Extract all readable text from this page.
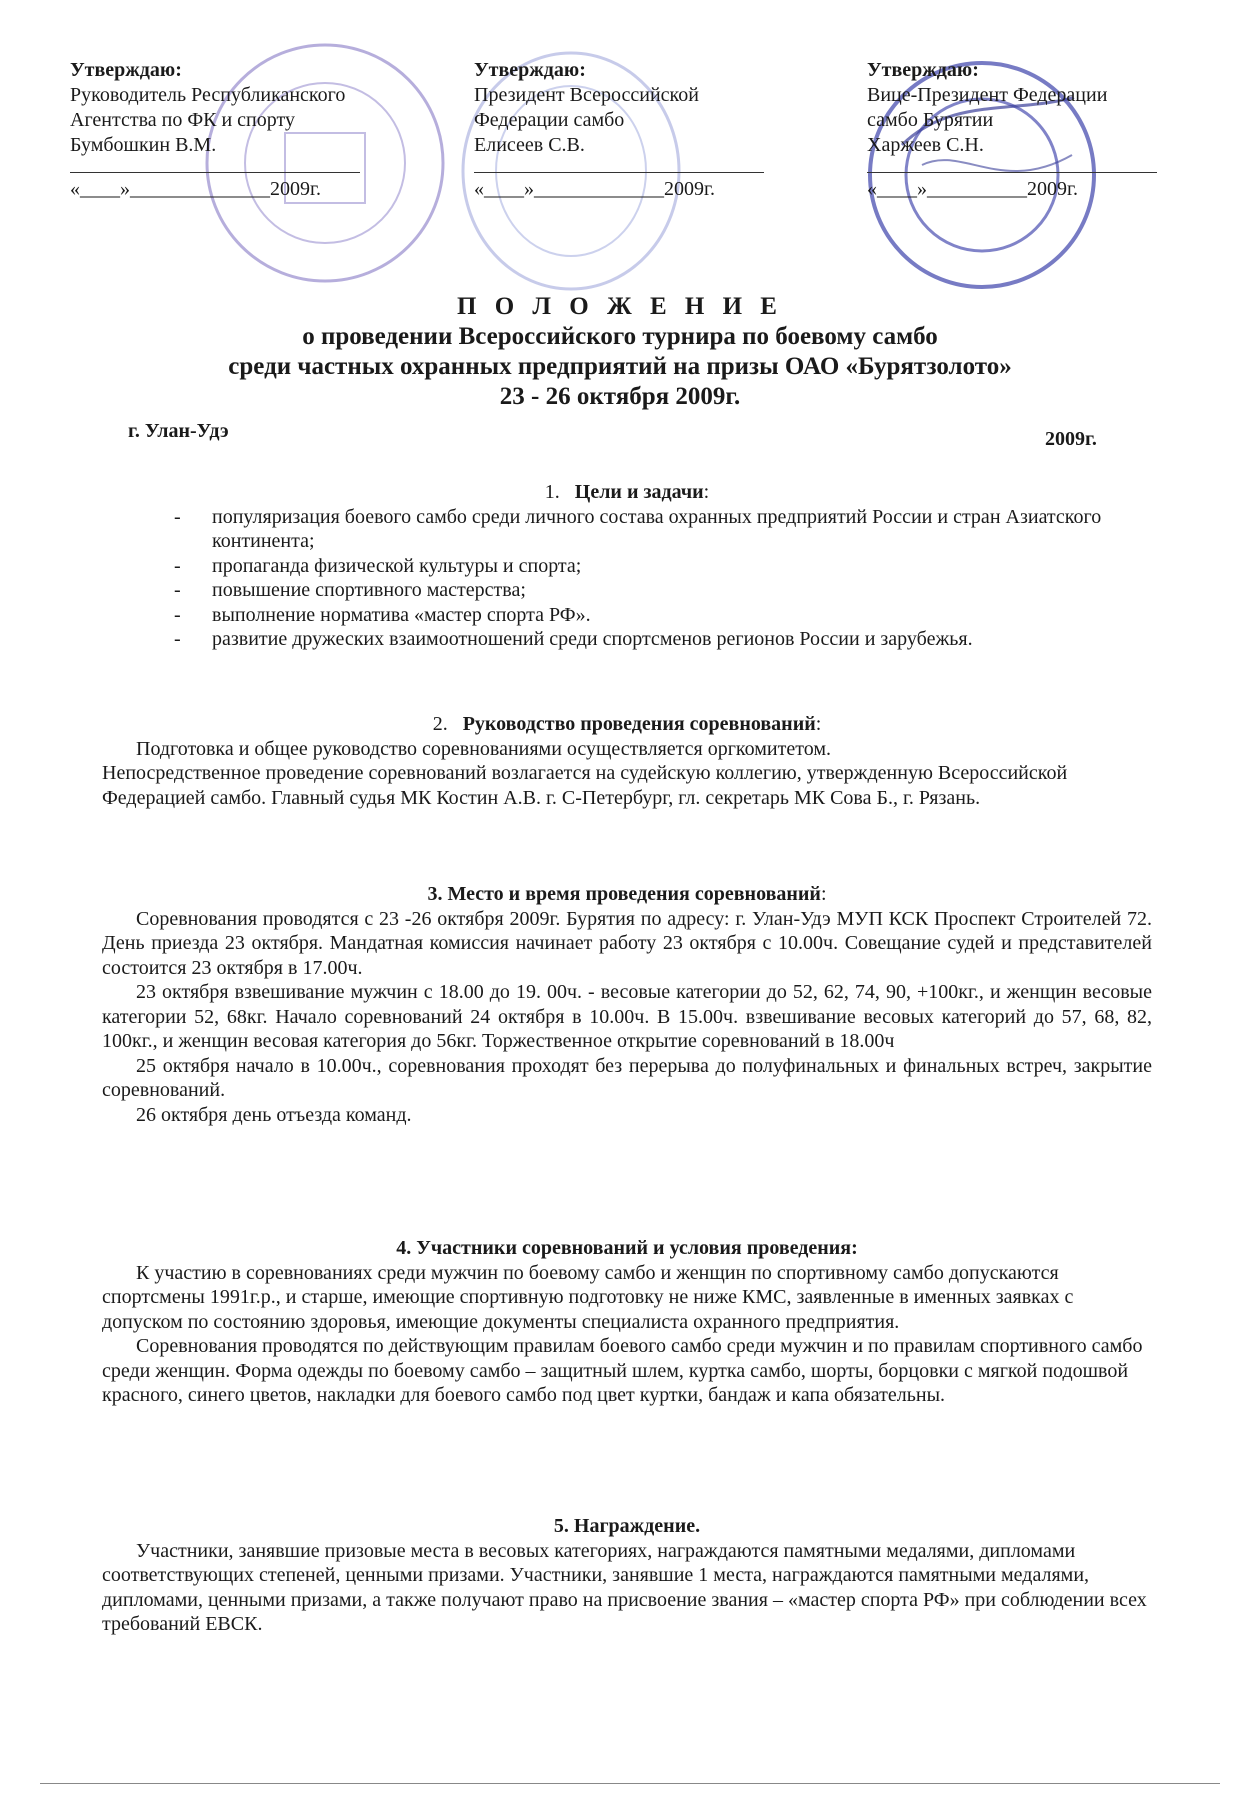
Утверждаю:
Руководитель Республиканского
Агентства по ФК и спорту
Бумбошкин В.М.
«____»______________2009г.
Утверждаю:
Президент Всероссийской
Федерации самбо
Елисеев С.В.
«____»_____________2009г.
Утверждаю:
Вице-Президент Федерации
самбо Бурятии
Харжеев С.Н.
«____»__________2009г.
П О Л О Ж Е Н И Е
о проведении Всероссийского турнира по боевому самбо
среди частных охранных предприятий на призы ОАО «Бурятзолото»
23 - 26 октября 2009г.
г. Улан-Удэ	2009г.

1. Цели и задачи:

- популяризация боевого самбо среди личного состава охранных предприятий России и стран Азиатского континента;
- пропаганда физической культуры и спорта;
- повышение спортивного мастерства;
- выполнение норматива «мастер спорта РФ».
- развитие дружеских взаимоотношений среди спортсменов регионов России и зарубежья.

2. Руководство проведения соревнований:

Подготовка и общее руководство соревнованиями осуществляется оргкомитетом.

Непосредственное проведение соревнований возлагается на судейскую коллегию, утвержденную Всероссийской Федерацией самбо. Главный судья МК Костин А.В. г. С-Петербург, гл. секретарь МК Сова Б., г. Рязань.

3. Место и время проведения соревнований:

Соревнования проводятся с 23 -26 октября 2009г. Бурятия по адресу: г. Улан-Удэ МУП КСК Проспект Строителей 72. День приезда 23 октября. Мандатная комиссия начинает работу 23 октября с 10.00ч. Совещание судей и представителей состоится 23 октября в 17.00ч.

23 октября взвешивание мужчин с 18.00 до 19. 00ч. - весовые категории до 52, 62, 74, 90, +100кг., и женщин весовые категории 52, 68кг. Начало соревнований 24 октября в 10.00ч. В 15.00ч. взвешивание весовых категорий до 57, 68, 82, 100кг., и женщин весовая категория до 56кг. Торжественное открытие соревнований в 18.00ч

25 октября начало в 10.00ч., соревнования проходят без перерыва до полуфинальных и финальных встреч, закрытие соревнований.

26 октября день отъезда команд.

4. Участники соревнований и условия проведения:

К участию в соревнованиях среди мужчин по боевому самбо и женщин по спортивному самбо допускаются спортсмены 1991г.р., и старше, имеющие спортивную подготовку не ниже КМС, заявленные в именных заявках с допуском по состоянию здоровья, имеющие документы специалиста охранного предприятия.

Соревнования проводятся по действующим правилам боевого самбо среди мужчин и по правилам спортивного самбо среди женщин. Форма одежды по боевому самбо – защитный шлем, куртка самбо, шорты, борцовки с мягкой подошвой красного, синего цветов, накладки для боевого самбо под цвет куртки, бандаж и капа обязательны.

5. Награждение.

Участники, занявшие призовые места в весовых категориях, награждаются памятными медалями, дипломами соответствующих степеней, ценными призами. Участники, занявшие 1 места, награждаются памятными медалями, дипломами, ценными призами, а также получают право на присвоение звания – «мастер спорта РФ» при соблюдении всех требований ЕВСК.
